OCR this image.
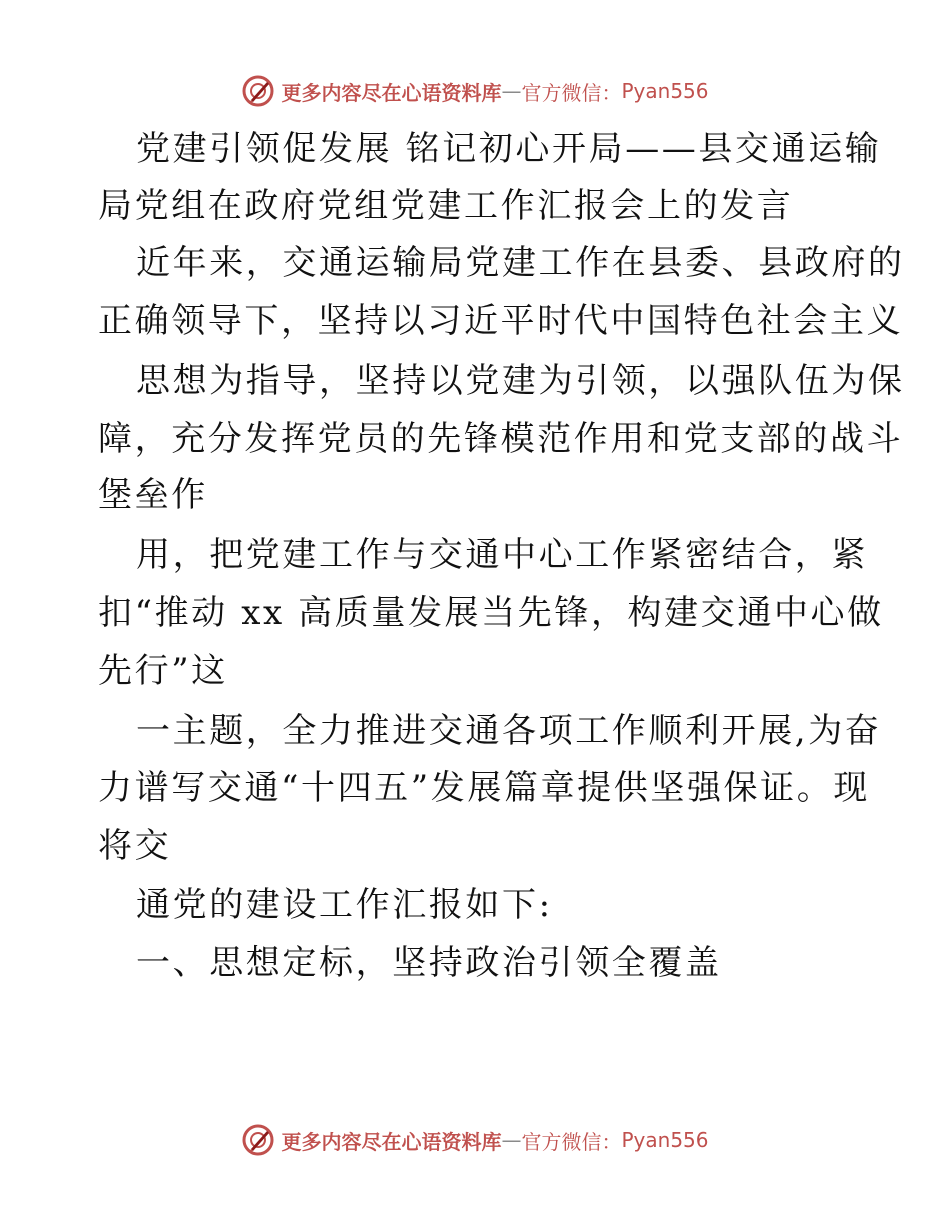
更多内容尽在心语资料库 — 官方微信： Pyan556
党建引领促发展 铭记初心开局——县交通运输
局党组在政府党组党建工作汇报会上的发言
近年来，交通运输局党建工作在县委、县政府的
正确领导下，坚持以习近平时代中国特色社会主义
思想为指导，坚持以党建为引领，以强队伍为保
障，充分发挥党员的先锋模范作用和党支部的战斗
堡垒作
用，把党建工作与交通中心工作紧密结合，紧
扣“推动 xx 高质量发展当先锋，构建交通中心做
先行”这
一主题，全力推进交通各项工作顺利开展,为奋
力谱写交通“十四五”发展篇章提供坚强保证。现
将交
通党的建设工作汇报如下:
一、思想定标，坚持政治引领全覆盖
更多内容尽在心语资料库 — 官方微信： Pyan556
